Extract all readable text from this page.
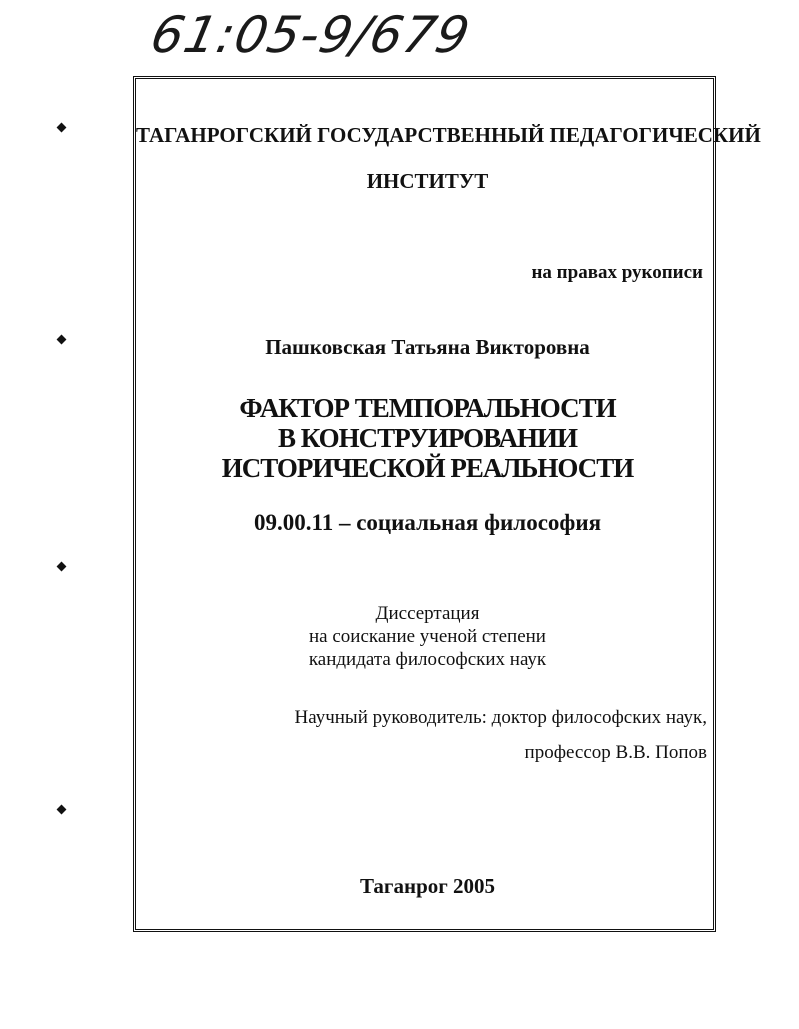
61:05-9/679

ТАГАНРОГСКИЙ ГОСУДАРСТВЕННЫЙ ПЕДАГОГИЧЕСКИЙ

ИНСТИТУТ

на правах рукописи

Пашковская Татьяна Викторовна

ФАКТОР ТЕМПОРАЛЬНОСТИ
В КОНСТРУИРОВАНИИ
ИСТОРИЧЕСКОЙ РЕАЛЬНОСТИ

09.00.11 – социальная философия

Диссертация
на соискание ученой степени
кандидата философских наук

Научный руководитель: доктор философских наук,

профессор В.В. Попов

Таганрог 2005
